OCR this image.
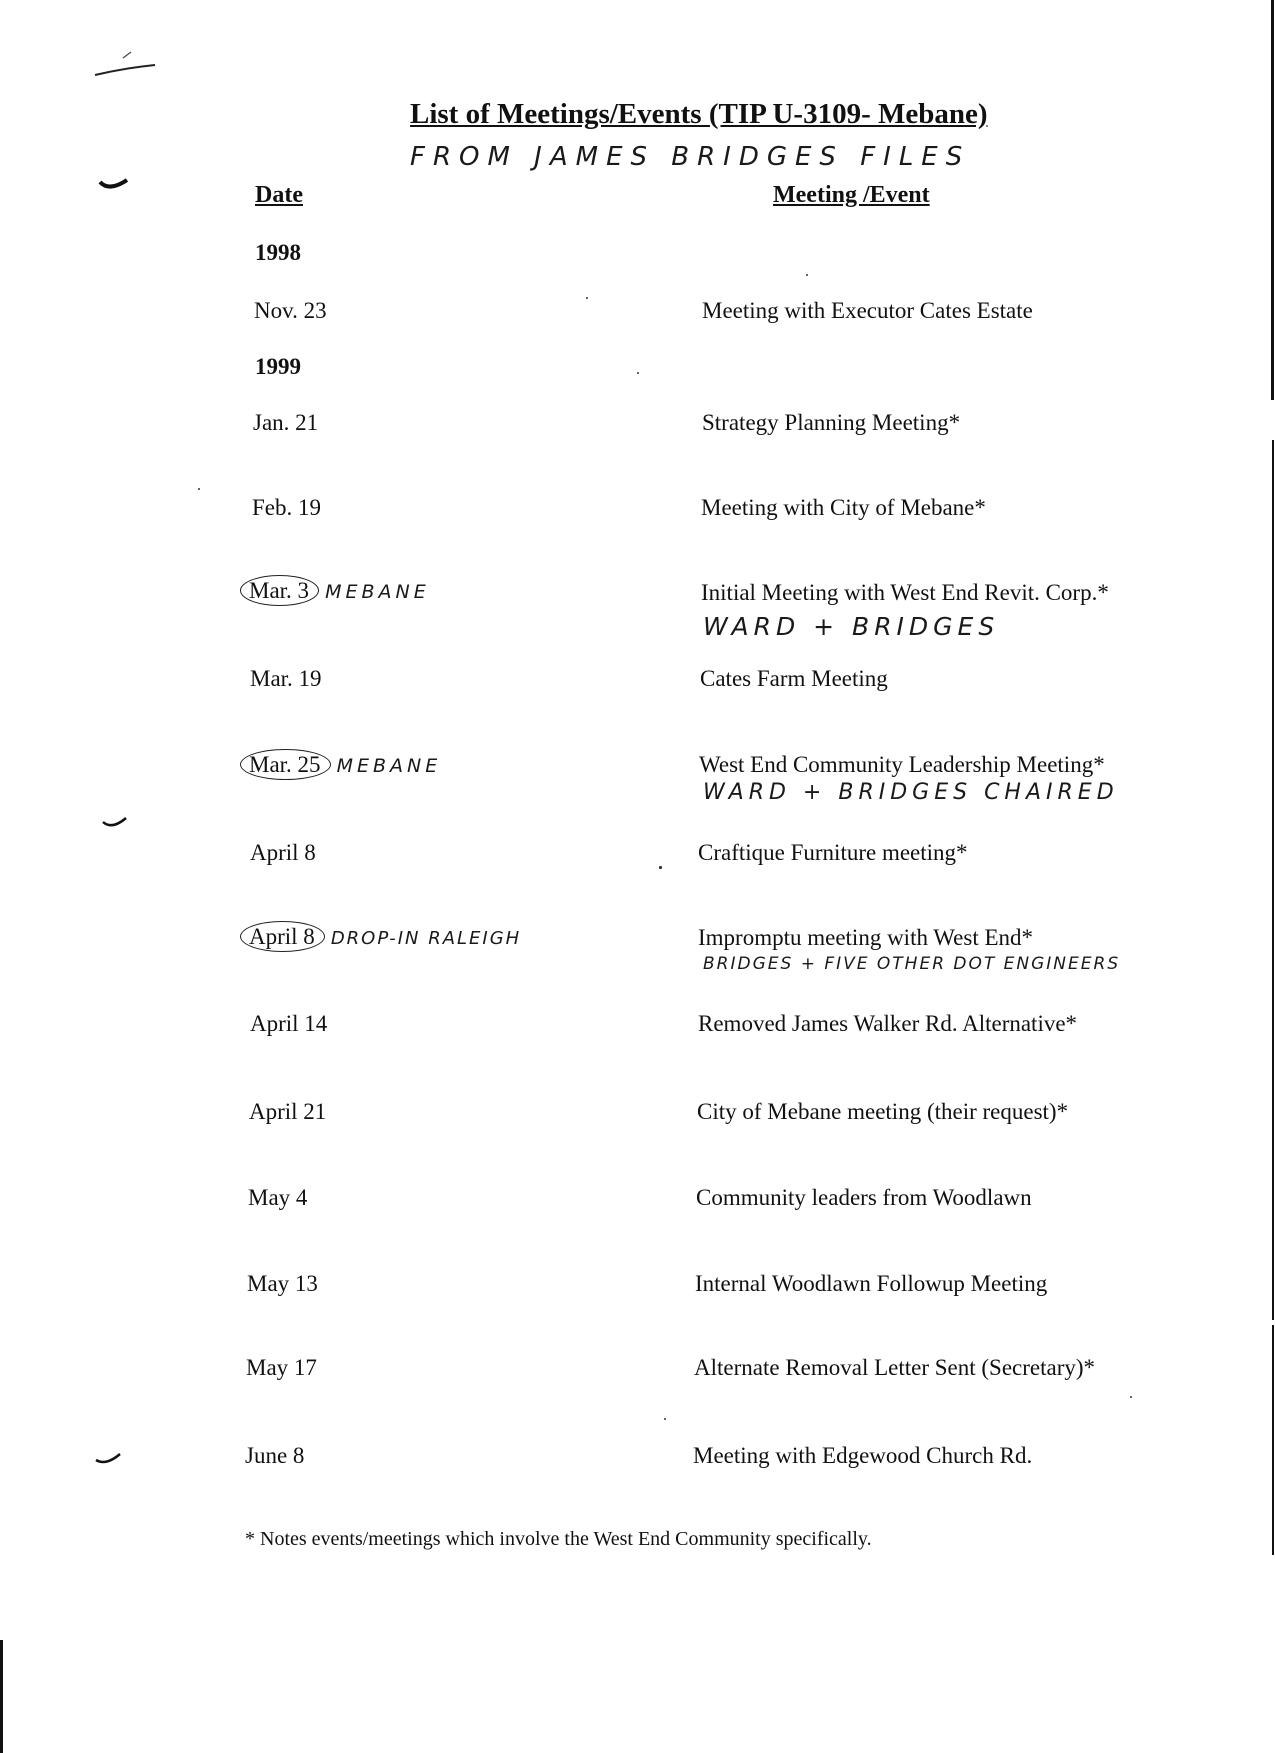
List of Meetings/Events (TIP U-3109- Mebane)
FROM JAMES BRIDGES FILES
Date	Meeting /Event
1998
Nov. 23	Meeting with Executor Cates Estate
1999
Jan. 21	Strategy Planning Meeting*
Feb. 19	Meeting with City of Mebane*
Mar. 3 MEBANE	Initial Meeting with West End Revit. Corp.*
WARD + BRIDGES
Mar. 19	Cates Farm Meeting
Mar. 25 MEBANE	West End Community Leadership Meeting*
WARD + BRIDGES CHAIRED
April 8	Craftique Furniture meeting*
April 8 DROP-IN RALEIGH	Impromptu meeting with West End*
BRIDGES + FIVE OTHER DOT ENGINEERS
April 14	Removed James Walker Rd. Alternative*
April 21	City of Mebane meeting (their request)*
May 4	Community leaders from Woodlawn
May 13	Internal Woodlawn Followup Meeting
May 17	Alternate Removal Letter Sent (Secretary)*
June 8	Meeting with Edgewood Church Rd.
* Notes events/meetings which involve the West End Community specifically.
